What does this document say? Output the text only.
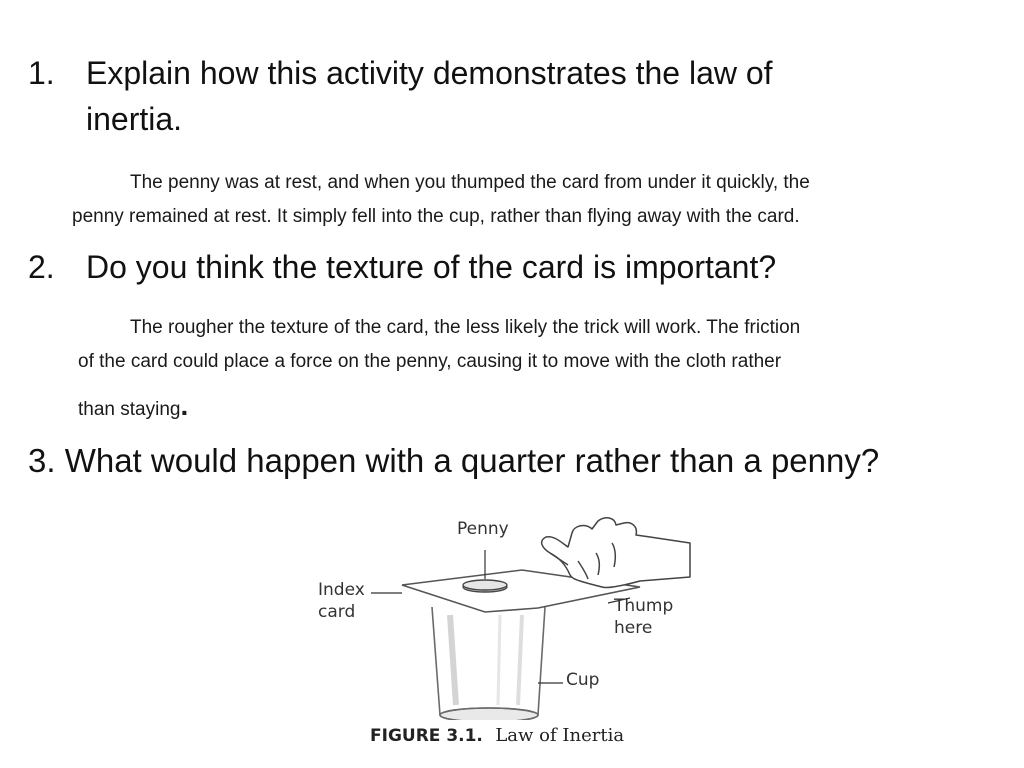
1. Explain how this activity demonstrates the law of
inertia.
The penny was at rest, and when you thumped the card from under it quickly, the
penny remained at rest. It simply fell into the cup, rather than flying away with the card.
2. Do you think the texture of the card is important?
The rougher the texture of the card, the less likely the trick will work. The friction
of the card could place a force on the penny, causing it to move with the cloth rather
than staying.
3. What would happen with a quarter rather than a penny?
Penny
Index
card	Thump
here
Cup
FIGURE 3.1. Law of Inertia
